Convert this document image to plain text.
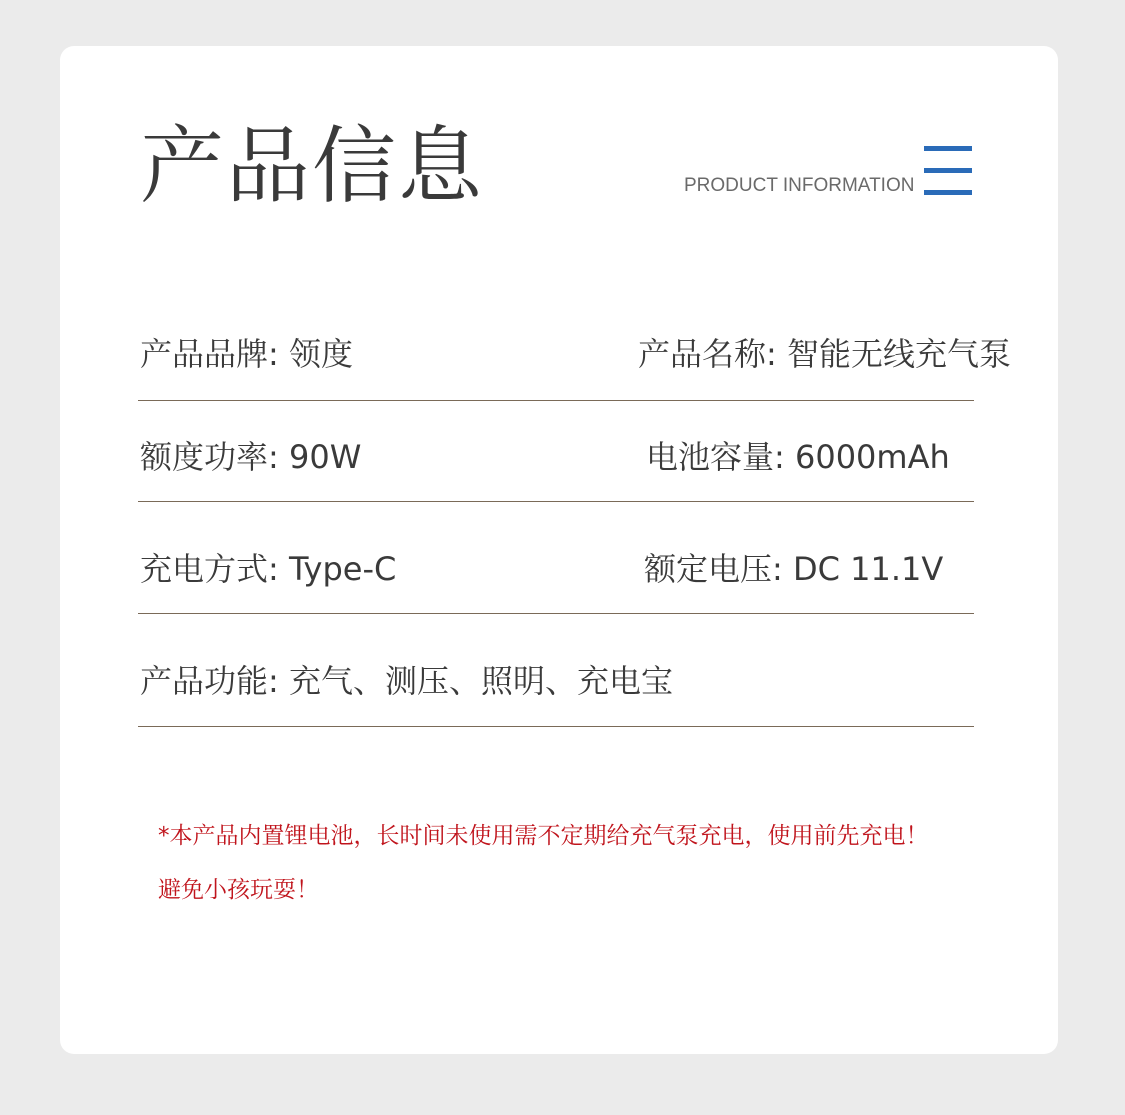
产品信息	PRODUCT INFORMATION
产品品牌: 领度	产品名称: 智能无线充气泵
额度功率: 90W	电池容量: 6000mAh
充电方式: Type-C	额定电压: DC 11.1V
产品功能: 充气、测压、照明、充电宝
*本产品内置锂电池，长时间未使用需不定期给充气泵充电，使用前先充电！
避免小孩玩耍！
